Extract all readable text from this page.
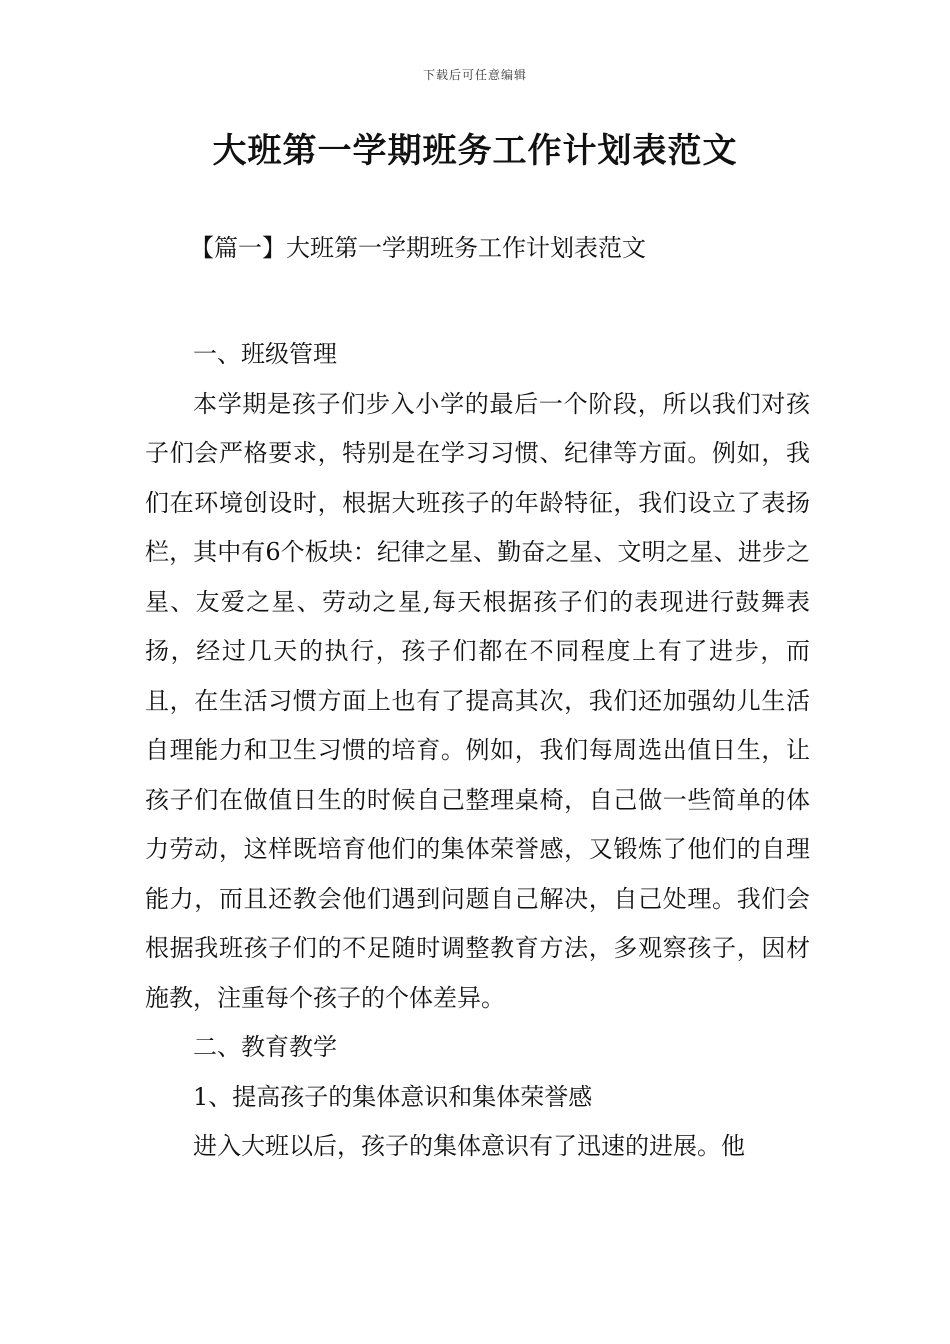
下载后可任意编辑
大班第一学期班务工作计划表范文

【篇一】大班第一学期班务工作计划表范文

一、班级管理

本学期是孩子们步入小学的最后一个阶段，所以我们对孩子们会严格要求，特别是在学习习惯、纪律等方面。例如，我们在环境创设时，根据大班孩子的年龄特征，我们设立了表扬栏，其中有6个板块：纪律之星、勤奋之星、文明之星、进步之星、友爱之星、劳动之星,每天根据孩子们的表现进行鼓舞表扬，经过几天的执行，孩子们都在不同程度上有了进步，而且，在生活习惯方面上也有了提高其次，我们还加强幼儿生活自理能力和卫生习惯的培育。例如，我们每周选出值日生，让孩子们在做值日生的时候自己整理桌椅，自己做一些简单的体力劳动，这样既培育他们的集体荣誉感，又锻炼了他们的自理能力，而且还教会他们遇到问题自己解决，自己处理。我们会根据我班孩子们的不足随时调整教育方法，多观察孩子，因材施教，注重每个孩子的个体差异。

二、教育教学

1、提高孩子的集体意识和集体荣誉感

进入大班以后，孩子的集体意识有了迅速的进展。他
